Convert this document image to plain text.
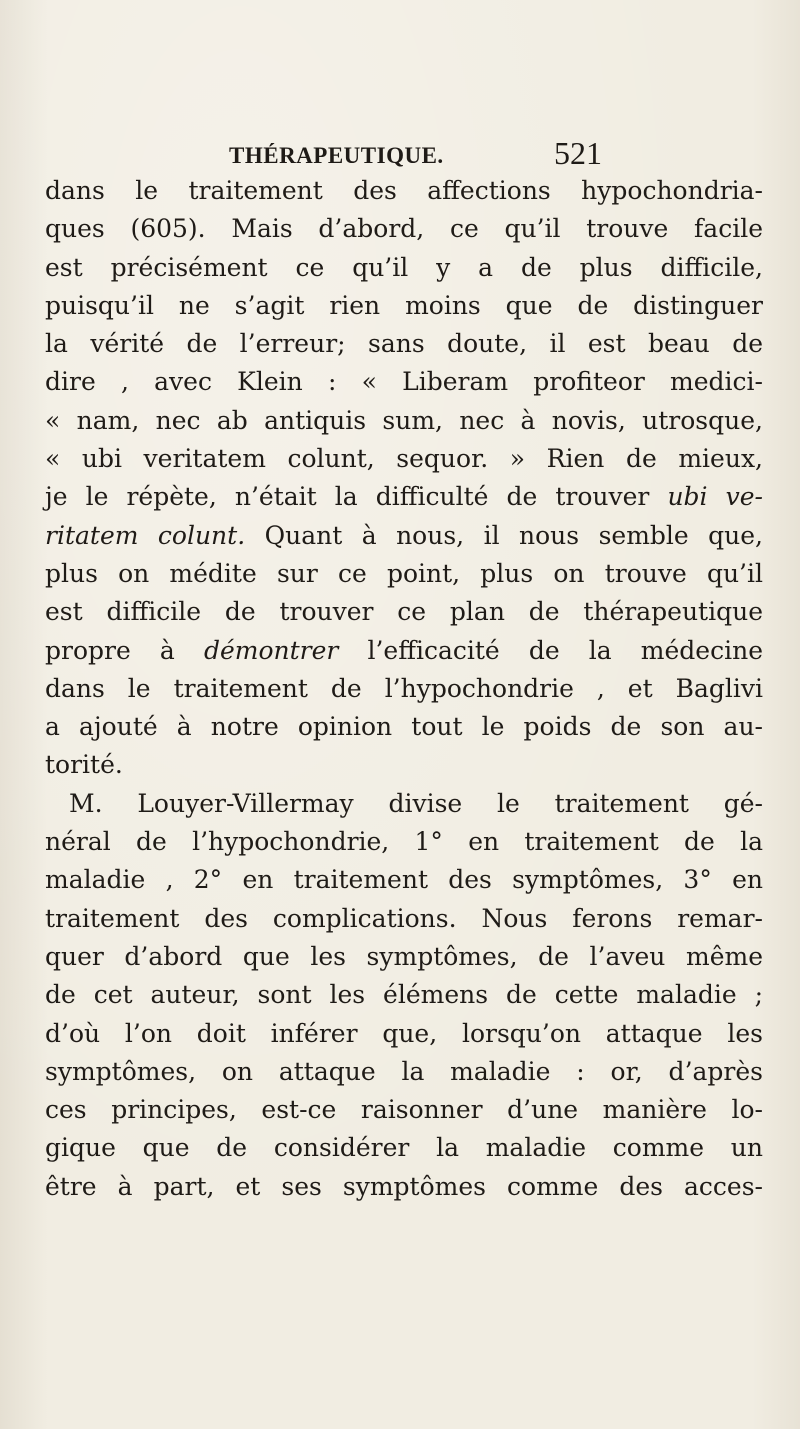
THÉRAPEUTIQUE.	521
dans le traitement des affections hypochondria-
ques (605). Mais d’abord, ce qu’il trouve facile
est précisément ce qu’il y a de plus difficile,
puisqu’il ne s’agit rien moins que de distinguer
la vérité de l’erreur; sans doute, il est beau de
dire , avec Klein : « Liberam profiteor medici-
« nam, nec ab antiquis sum, nec à novis, utrosque,
« ubi veritatem colunt, sequor. » Rien de mieux,
je le répète, n’était la difficulté de trouver ubi ve-
ritatem colunt. Quant à nous, il nous semble que,
plus on médite sur ce point, plus on trouve qu’il
est difficile de trouver ce plan de thérapeutique
propre à démontrer l’efficacité de la médecine
dans le traitement de l’hypochondrie , et Baglivi
a ajouté à notre opinion tout le poids de son au-
torité.
M. Louyer-Villermay divise le traitement gé-
néral de l’hypochondrie, 1° en traitement de la
maladie , 2° en traitement des symptômes, 3° en
traitement des complications. Nous ferons remar-
quer d’abord que les symptômes, de l’aveu même
de cet auteur, sont les élémens de cette maladie ;
d’où l’on doit inférer que, lorsqu’on attaque les
symptômes, on attaque la maladie : or, d’après
ces principes, est-ce raisonner d’une manière lo-
gique que de considérer la maladie comme un
être à part, et ses symptômes comme des acces-
